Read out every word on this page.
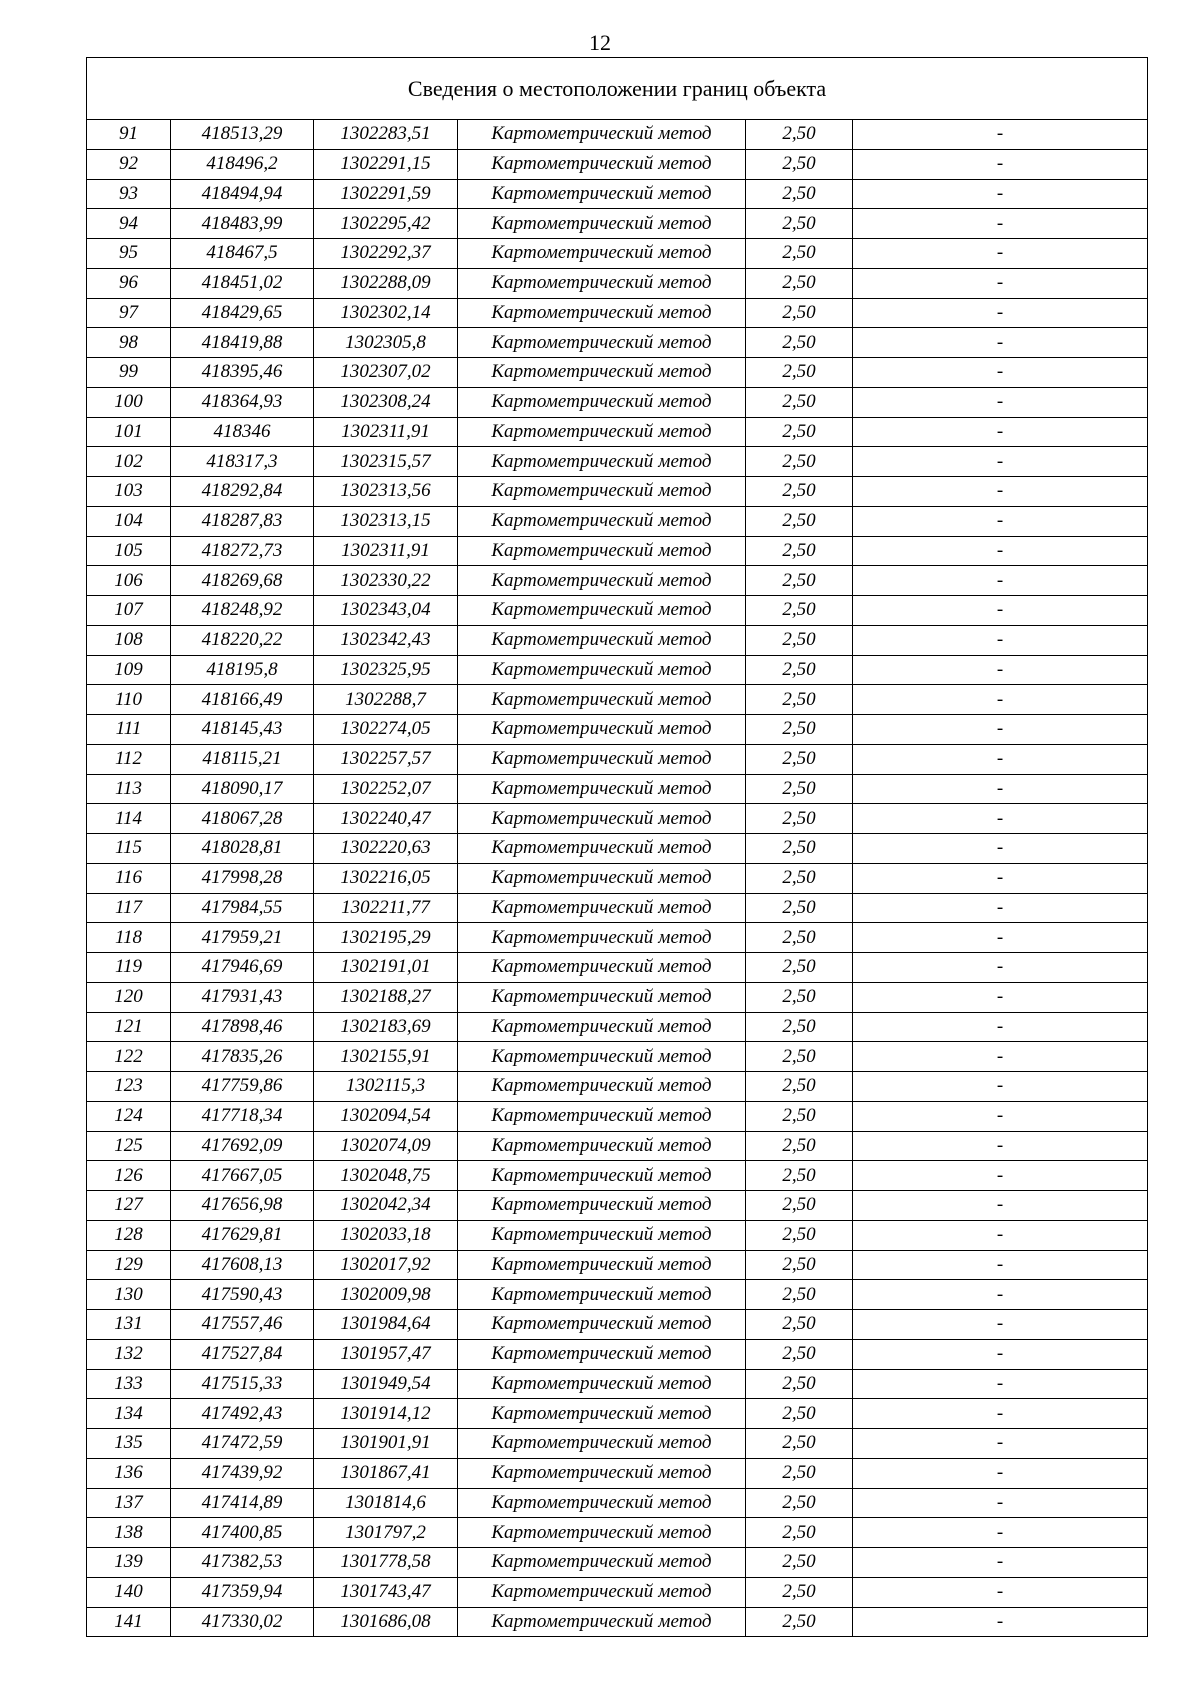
12
Сведения о местоположении границ объекта					
91	418513,29	1302283,51	Картометрический метод	2,50	-
92	418496,2	1302291,15	Картометрический метод	2,50	-
93	418494,94	1302291,59	Картометрический метод	2,50	-
94	418483,99	1302295,42	Картометрический метод	2,50	-
95	418467,5	1302292,37	Картометрический метод	2,50	-
96	418451,02	1302288,09	Картометрический метод	2,50	-
97	418429,65	1302302,14	Картометрический метод	2,50	-
98	418419,88	1302305,8	Картометрический метод	2,50	-
99	418395,46	1302307,02	Картометрический метод	2,50	-
100	418364,93	1302308,24	Картометрический метод	2,50	-
101	418346	1302311,91	Картометрический метод	2,50	-
102	418317,3	1302315,57	Картометрический метод	2,50	-
103	418292,84	1302313,56	Картометрический метод	2,50	-
104	418287,83	1302313,15	Картометрический метод	2,50	-
105	418272,73	1302311,91	Картометрический метод	2,50	-
106	418269,68	1302330,22	Картометрический метод	2,50	-
107	418248,92	1302343,04	Картометрический метод	2,50	-
108	418220,22	1302342,43	Картометрический метод	2,50	-
109	418195,8	1302325,95	Картометрический метод	2,50	-
110	418166,49	1302288,7	Картометрический метод	2,50	-
111	418145,43	1302274,05	Картометрический метод	2,50	-
112	418115,21	1302257,57	Картометрический метод	2,50	-
113	418090,17	1302252,07	Картометрический метод	2,50	-
114	418067,28	1302240,47	Картометрический метод	2,50	-
115	418028,81	1302220,63	Картометрический метод	2,50	-
116	417998,28	1302216,05	Картометрический метод	2,50	-
117	417984,55	1302211,77	Картометрический метод	2,50	-
118	417959,21	1302195,29	Картометрический метод	2,50	-
119	417946,69	1302191,01	Картометрический метод	2,50	-
120	417931,43	1302188,27	Картометрический метод	2,50	-
121	417898,46	1302183,69	Картометрический метод	2,50	-
122	417835,26	1302155,91	Картометрический метод	2,50	-
123	417759,86	1302115,3	Картометрический метод	2,50	-
124	417718,34	1302094,54	Картометрический метод	2,50	-
125	417692,09	1302074,09	Картометрический метод	2,50	-
126	417667,05	1302048,75	Картометрический метод	2,50	-
127	417656,98	1302042,34	Картометрический метод	2,50	-
128	417629,81	1302033,18	Картометрический метод	2,50	-
129	417608,13	1302017,92	Картометрический метод	2,50	-
130	417590,43	1302009,98	Картометрический метод	2,50	-
131	417557,46	1301984,64	Картометрический метод	2,50	-
132	417527,84	1301957,47	Картометрический метод	2,50	-
133	417515,33	1301949,54	Картометрический метод	2,50	-
134	417492,43	1301914,12	Картометрический метод	2,50	-
135	417472,59	1301901,91	Картометрический метод	2,50	-
136	417439,92	1301867,41	Картометрический метод	2,50	-
137	417414,89	1301814,6	Картометрический метод	2,50	-
138	417400,85	1301797,2	Картометрический метод	2,50	-
139	417382,53	1301778,58	Картометрический метод	2,50	-
140	417359,94	1301743,47	Картометрический метод	2,50	-
141	417330,02	1301686,08	Картометрический метод	2,50	-
